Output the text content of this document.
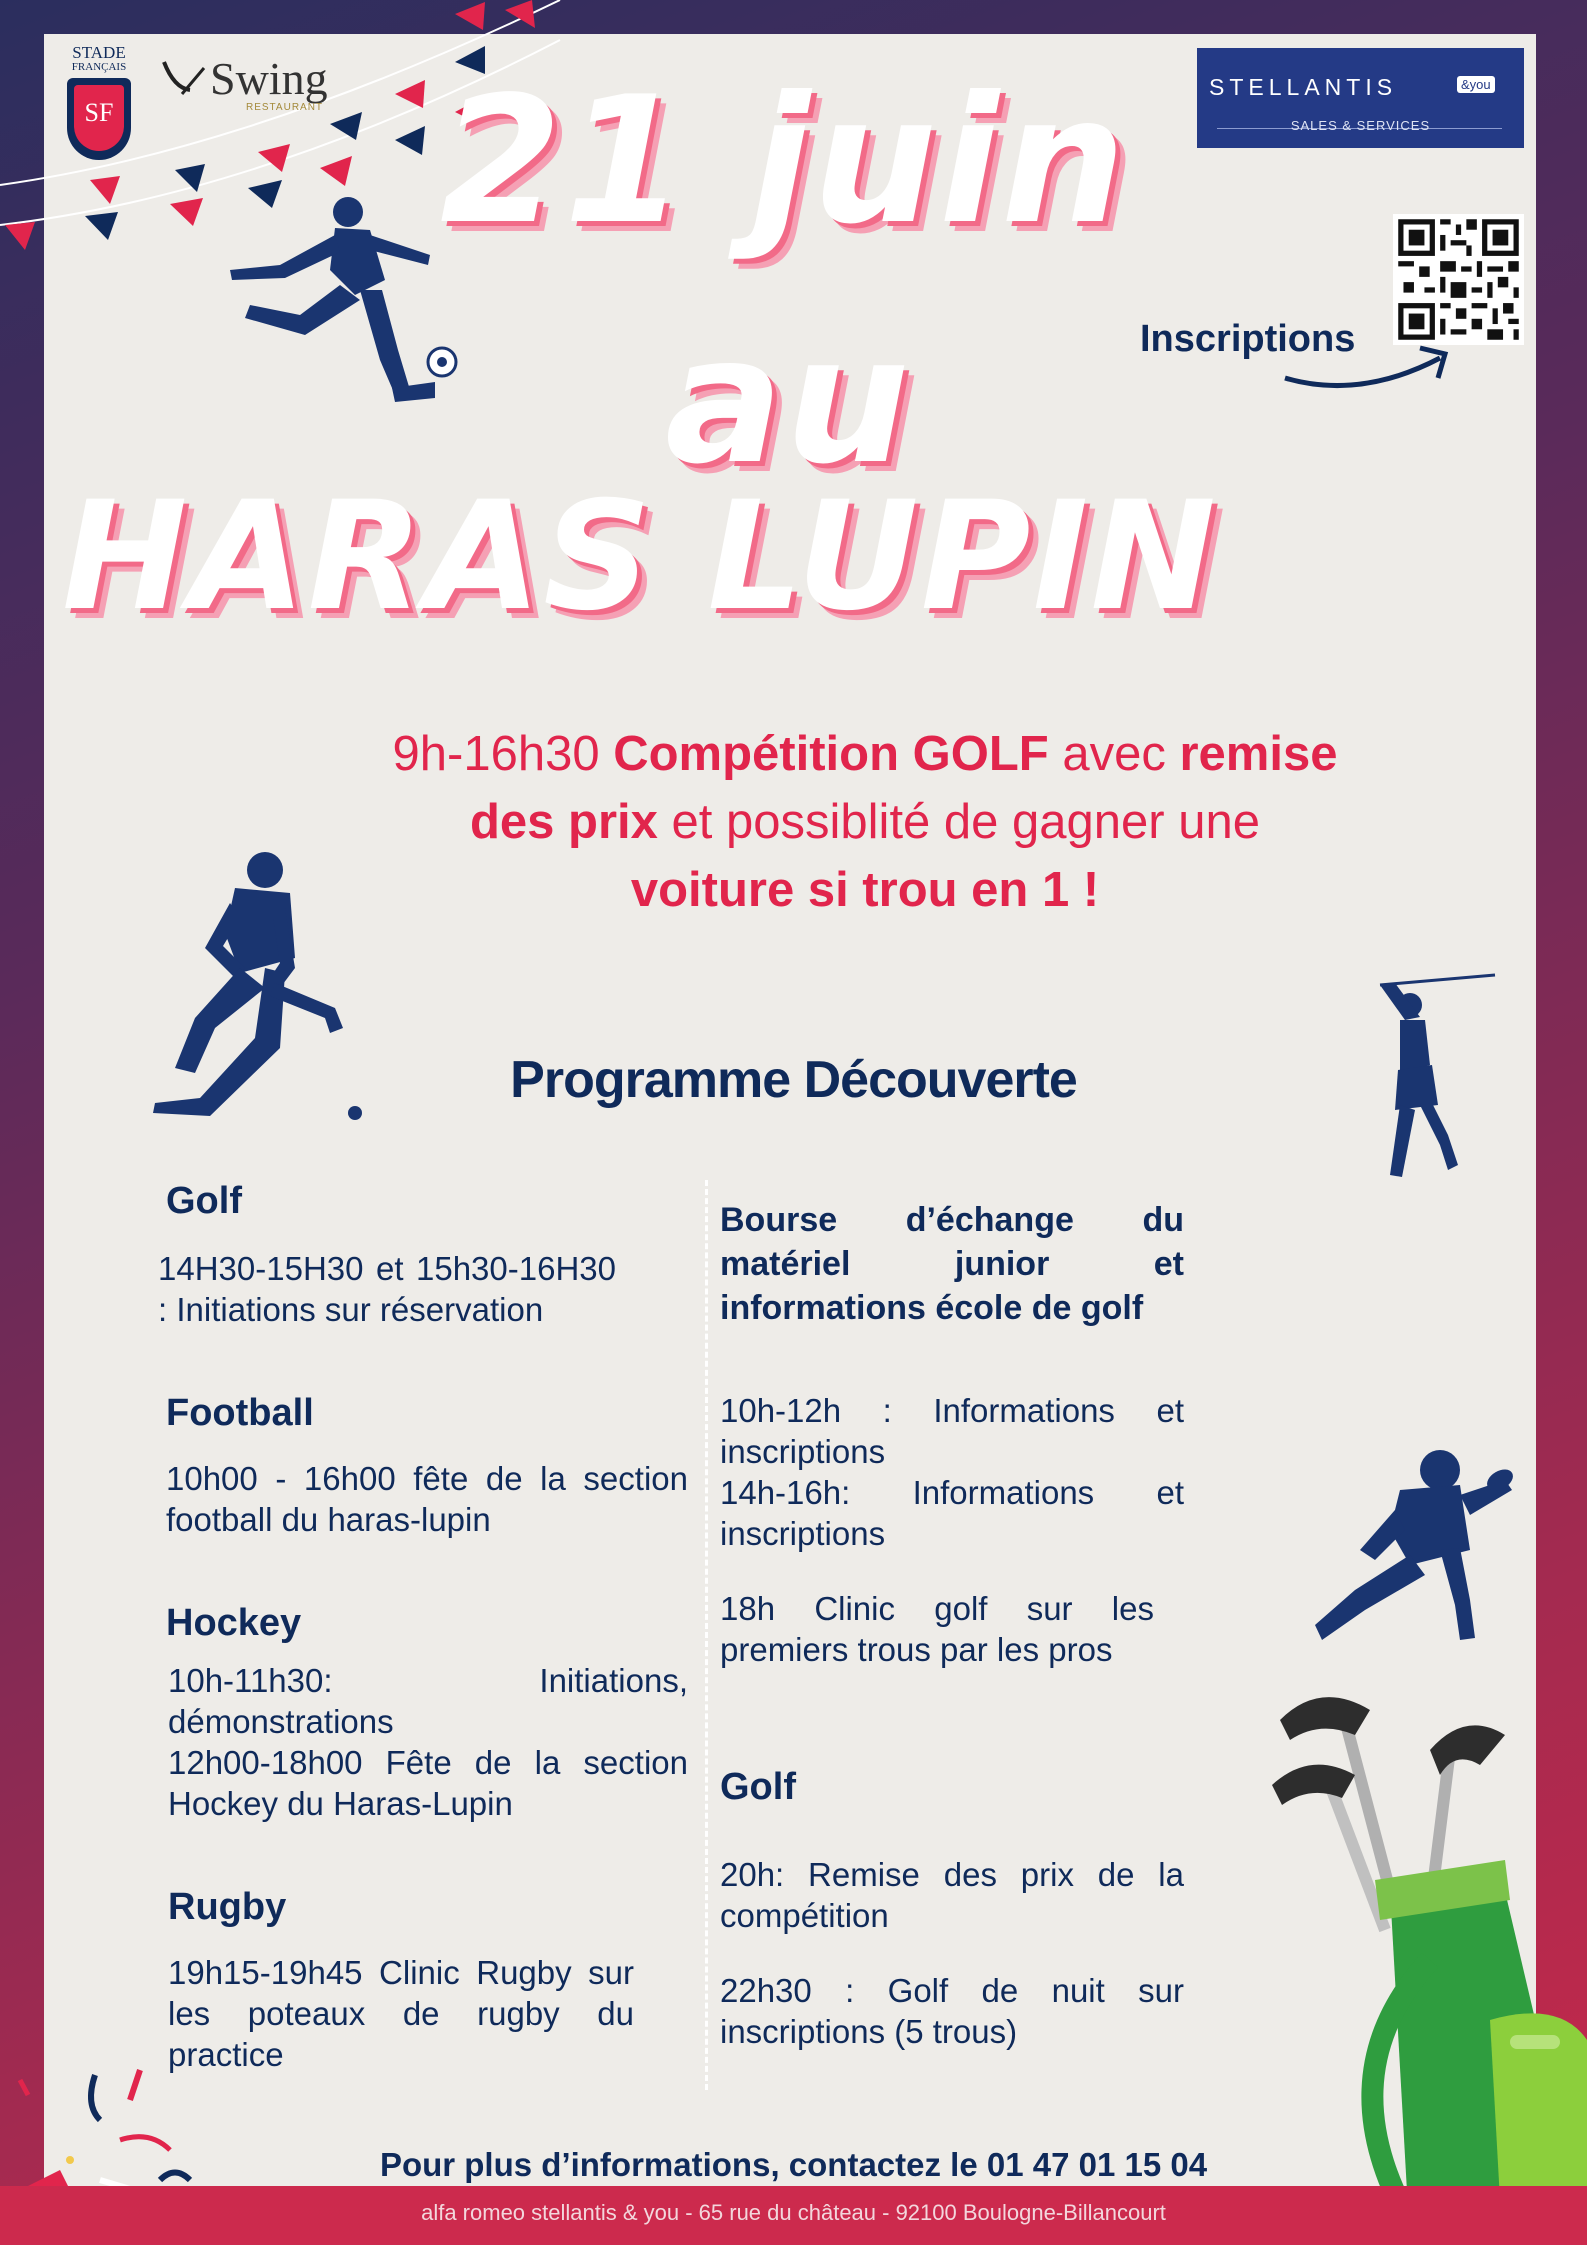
STADE
FRANÇAIS
SF
Swing
RESTAURANT
STELLANTIS	&you
SALES & SERVICES
Inscriptions
21 juin
au
HARAS LUPIN
9h-16h30 Compétition GOLF avec remise
des prix et possiblité de gagner une
voiture si trou en 1 !
Programme Découverte
Golf
14H30-15H30 et 15h30-16H30 : Initiations sur réservation
Football
10h00 - 16h00 fête de la section football du haras-lupin
Hockey
10h-11h30: Initiations, démonstrations
12h00-18h00 Fête de la section Hockey du Haras-Lupin
Rugby
19h15-19h45 Clinic Rugby sur les poteaux de rugby du practice
Bourse d’échange du matériel junior et informations école de golf
10h-12h : Informations et inscriptions
14h-16h: Informations et inscriptions
18h Clinic golf sur les premiers trous par les pros
Golf
20h: Remise des prix de la compétition
22h30 : Golf de nuit sur inscriptions (5 trous)
Pour plus d’informations, contactez le 01 47 01 15 04
alfa romeo stellantis & you - 65 rue du château - 92100 Boulogne-Billancourt
